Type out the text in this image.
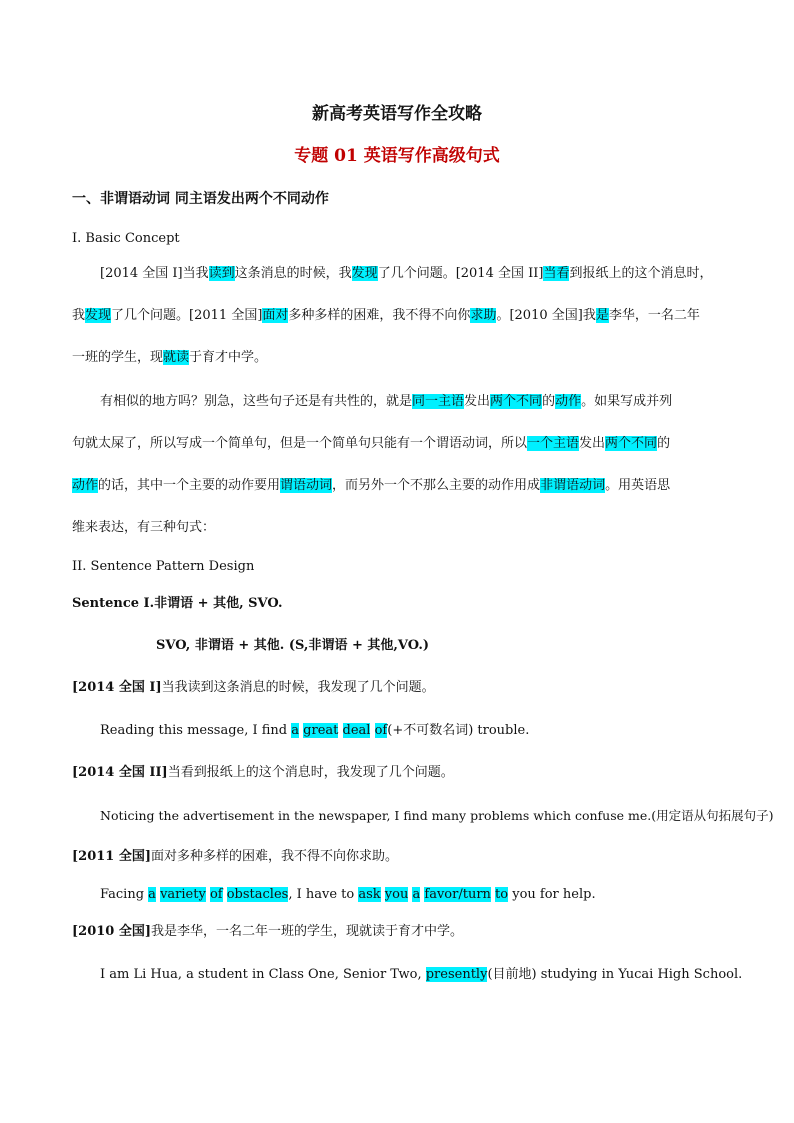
新高考英语写作全攻略
专题 01 英语写作高级句式
一、非谓语动词 同主语发出两个不同动作
I. Basic Concept
[2014 全国 I]当我读到这条消息的时候，我发现了几个问题。[2014 全国 II]当看到报纸上的这个消息时，
我发现了几个问题。[2011 全国]面对多种多样的困难，我不得不向你求助。[2010 全国]我是李华，一名二年
一班的学生，现就读于育才中学。
有相似的地方吗？别急，这些句子还是有共性的，就是同一主语发出两个不同的动作。如果写成并列
句就太屎了，所以写成一个简单句，但是一个简单句只能有一个谓语动词，所以一个主语发出两个不同的
动作的话，其中一个主要的动作要用谓语动词，而另外一个不那么主要的动作用成非谓语动词。用英语思
维来表达，有三种句式：
II. Sentence Pattern Design
Sentence I.非谓语 + 其他, SVO.
SVO, 非谓语 + 其他. (S,非谓语 + 其他,VO.)
[2014 全国 I]当我读到这条消息的时候，我发现了几个问题。
Reading this message, I find a great deal of(+不可数名词) trouble.
[2014 全国 II]当看到报纸上的这个消息时，我发现了几个问题。
Noticing the advertisement in the newspaper, I find many problems which confuse me.(用定语从句拓展句子)
[2011 全国]面对多种多样的困难，我不得不向你求助。
Facing a variety of obstacles, I have to ask you a favor/turn to you for help.
[2010 全国]我是李华，一名二年一班的学生，现就读于育才中学。
I am Li Hua, a student in Class One, Senior Two, presently(目前地) studying in Yucai High School.
